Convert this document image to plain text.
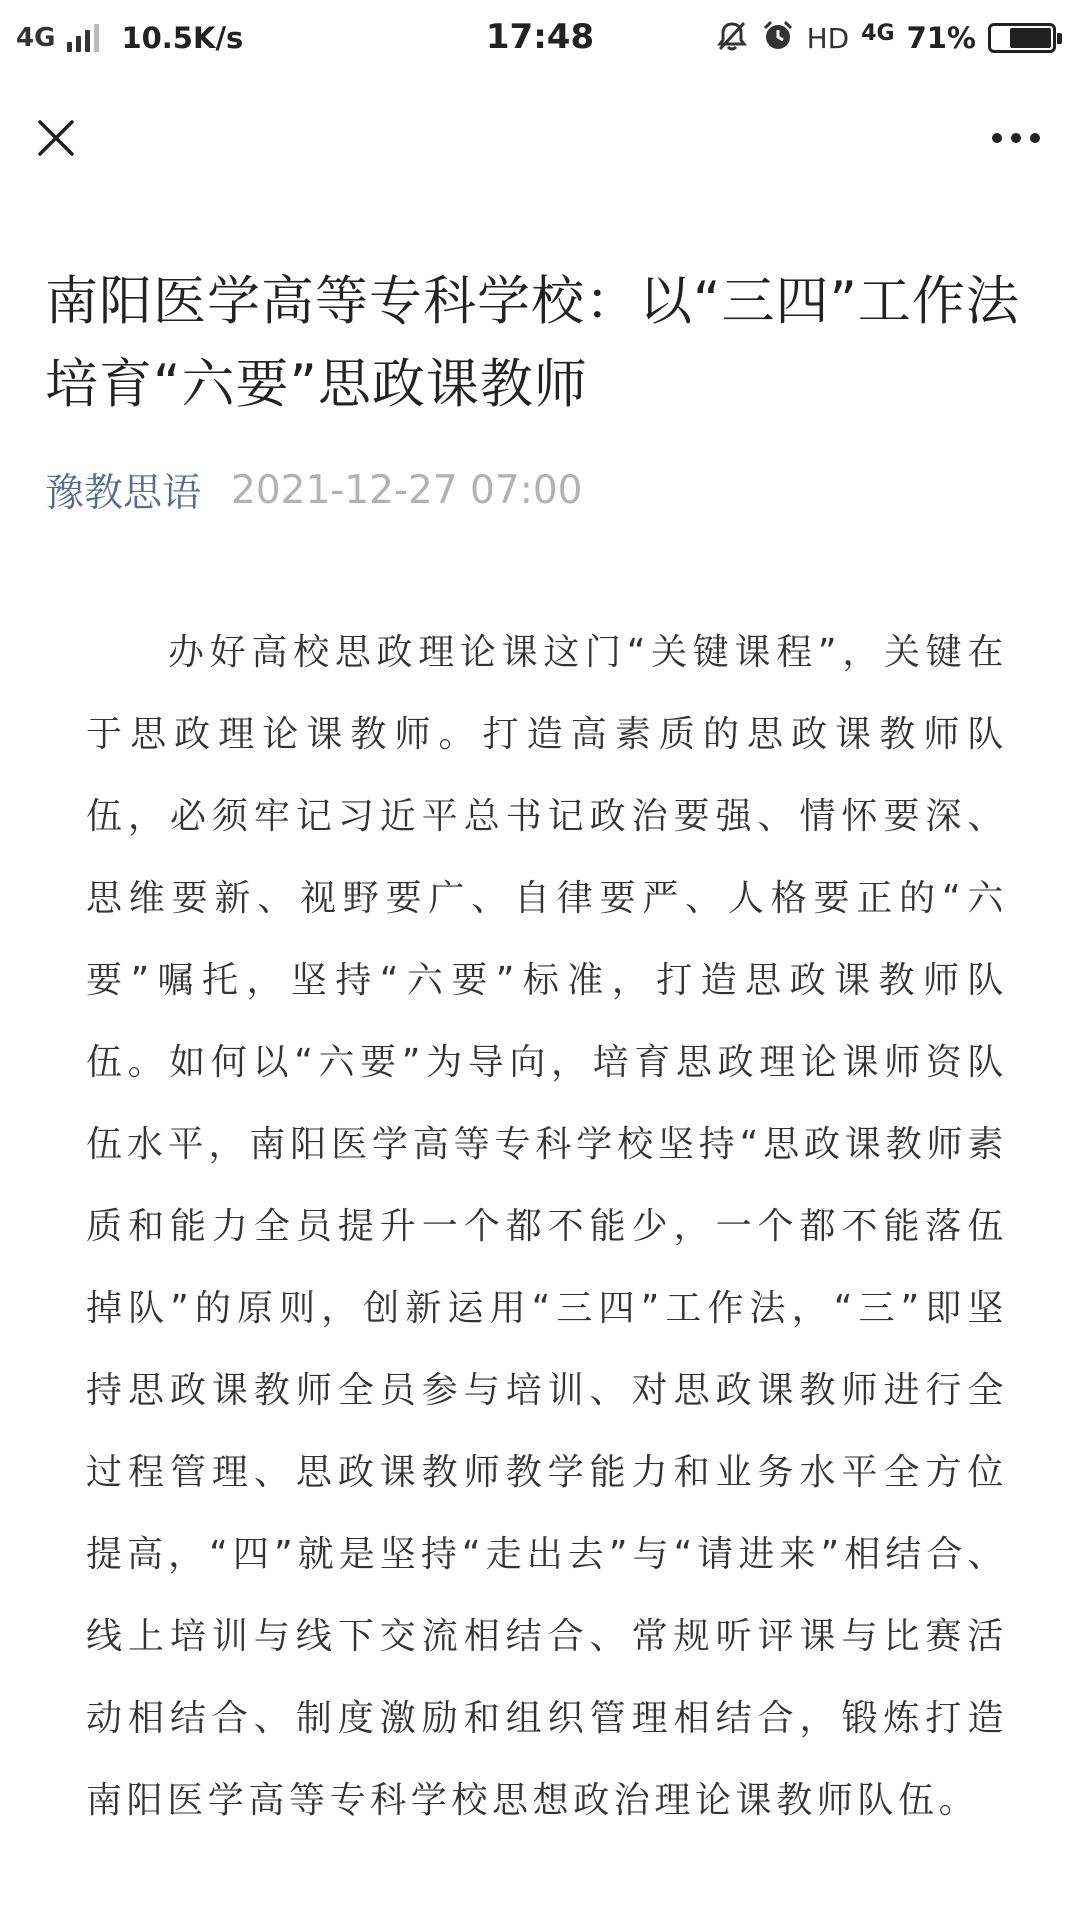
4G 10.5K/s	17:48	HD 4G 71%
南阳医学高等专科学校：以“三四”工作法培育“六要”思政课教师
豫教思语 2021-12-27 07:00

办好高校思政理论课这门“关键课程”，关键在于思政理论课教师。打造高素质的思政课教师队伍，必须牢记习近平总书记政治要强、情怀要深、思维要新、视野要广、自律要严、人格要正的“六要”嘱托，坚持“六要”标准，打造思政课教师队伍。如何以“六要”为导向，培育思政理论课师资队伍水平，南阳医学高等专科学校坚持“思政课教师素质和能力全员提升一个都不能少，一个都不能落伍掉队”的原则，创新运用“三四”工作法，“三”即坚持思政课教师全员参与培训、对思政课教师进行全过程管理、思政课教师教学能力和业务水平全方位提高，“四”就是坚持“走出去”与“请进来”相结合、线上培训与线下交流相结合、常规听评课与比赛活动相结合、制度激励和组织管理相结合，锻炼打造南阳医学高等专科学校思想政治理论课教师队伍。
